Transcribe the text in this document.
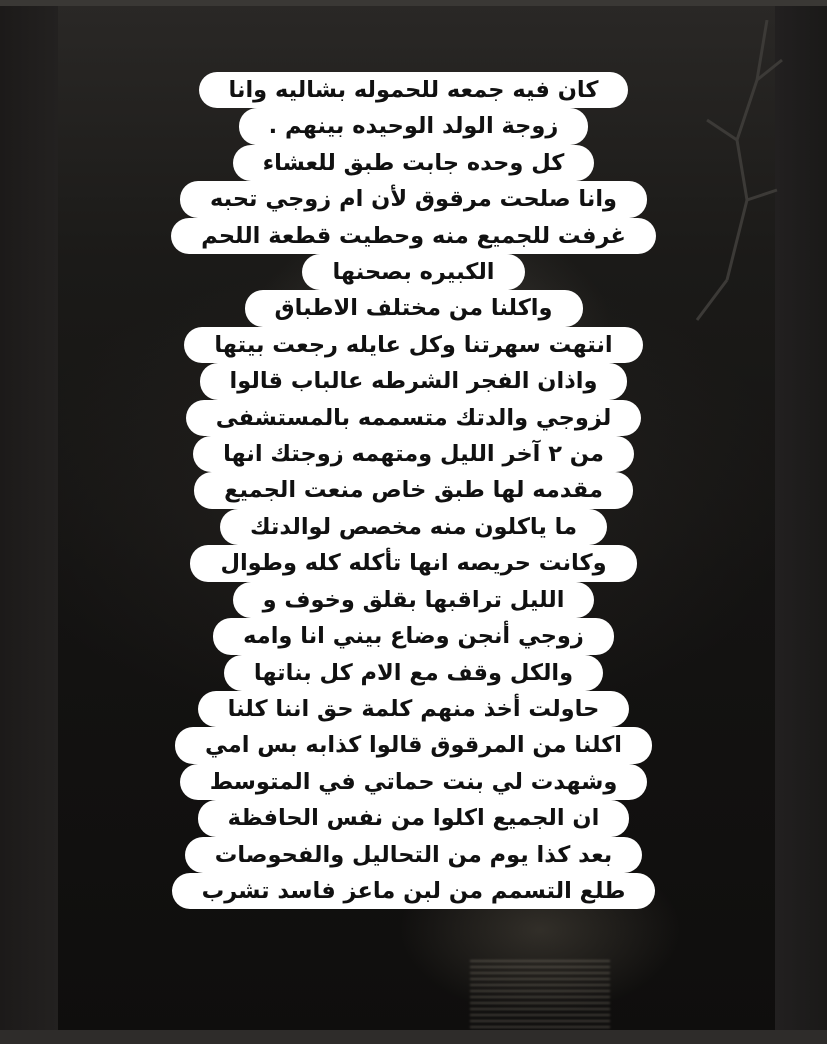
كان فيه جمعه للحموله بشاليه وانا
زوجة الولد الوحيده بينهم .
كل وحده جابت طبق للعشاء
وانا صلحت مرقوق لأن ام زوجي تحبه
غرفت للجميع منه وحطيت قطعة اللحم
الكبيره بصحنها
واكلنا من مختلف الاطباق
انتهت سهرتنا وكل عايله رجعت بيتها
واذان الفجر الشرطه عالباب قالوا
لزوجي والدتك متسممه بالمستشفى
من ٢ آخر الليل ومتهمه زوجتك انها
مقدمه لها طبق خاص منعت الجميع
ما ياكلون منه مخصص لوالدتك
وكانت حريصه انها تأكله كله وطوال
الليل تراقبها بقلق وخوف و
زوجي أنجن وضاع بيني انا وامه
والكل وقف مع الام كل بناتها
حاولت أخذ منهم كلمة حق اننا كلنا
اكلنا من المرقوق قالوا كذابه بس امي
وشهدت لي بنت حماتي في المتوسط
ان الجميع اكلوا من نفس الحافظة
بعد كذا يوم من التحاليل والفحوصات
طلع التسمم من لبن ماعز فاسد تشرب
